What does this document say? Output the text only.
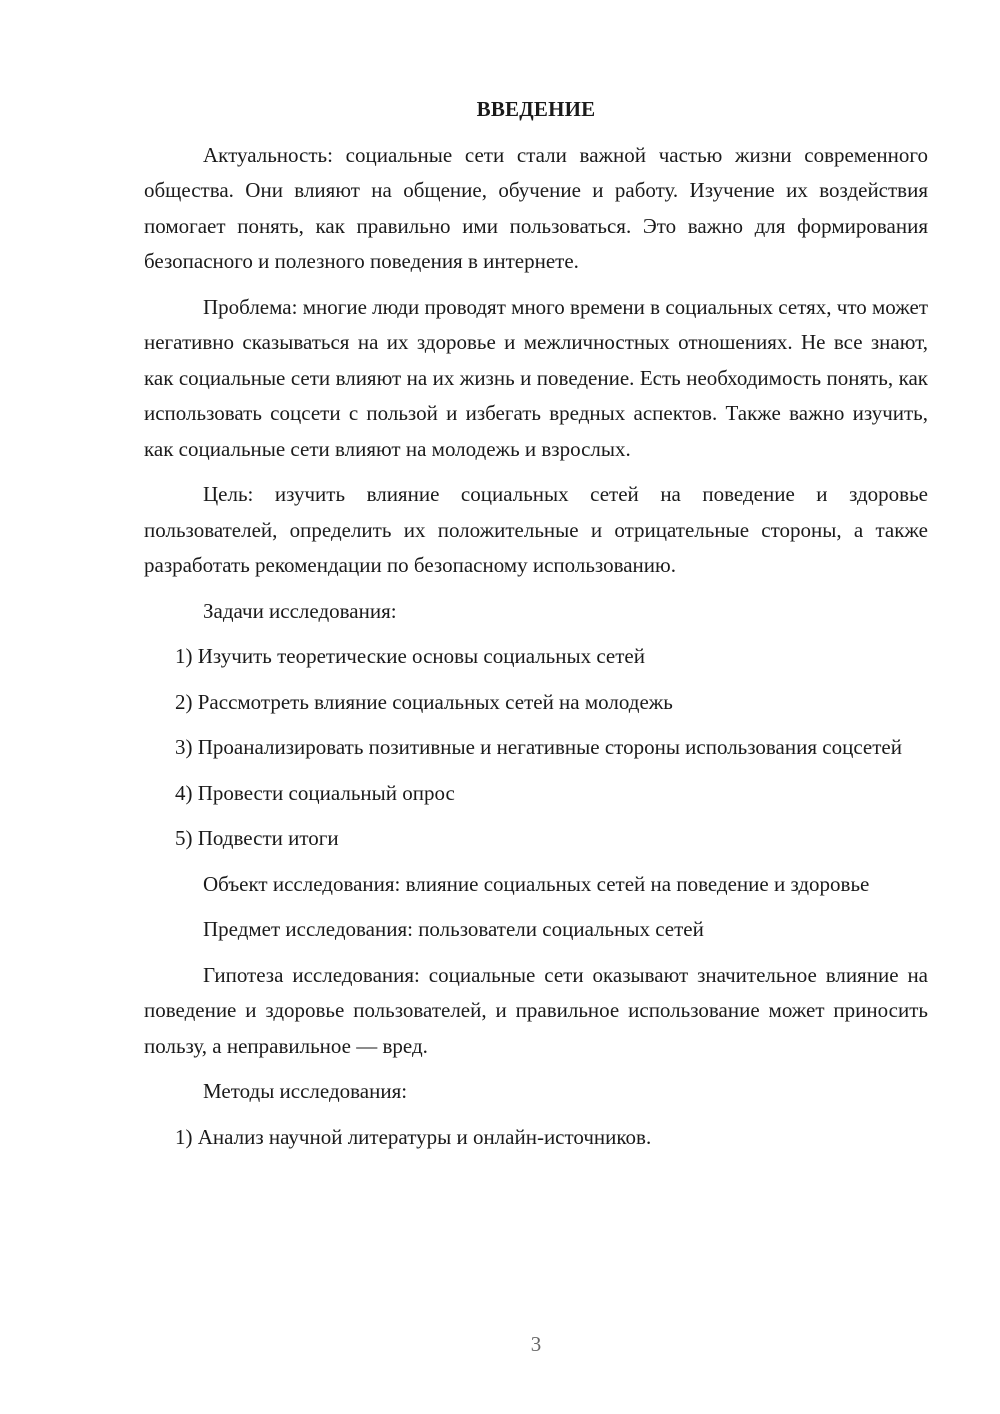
ВВЕДЕНИЕ
Актуальность: социальные сети стали важной частью жизни современного общества. Они влияют на общение, обучение и работу. Изучение их воздействия помогает понять, как правильно ими пользоваться. Это важно для формирования безопасного и полезного поведения в интернете.
Проблема: многие люди проводят много времени в социальных сетях, что может негативно сказываться на их здоровье и межличностных отношениях. Не все знают, как социальные сети влияют на их жизнь и поведение. Есть необходимость понять, как использовать соцсети с пользой и избегать вредных аспектов. Также важно изучить, как социальные сети влияют на молодежь и взрослых.
Цель: изучить влияние социальных сетей на поведение и здоровье пользователей, определить их положительные и отрицательные стороны, а также разработать рекомендации по безопасному использованию.
Задачи исследования:
1) Изучить теоретические основы социальных сетей
2) Рассмотреть влияние социальных сетей на молодежь
3) Проанализировать позитивные и негативные стороны использования соцсетей
4) Провести социальный опрос
5) Подвести итоги
Объект исследования: влияние социальных сетей на поведение и здоровье
Предмет исследования: пользователи социальных сетей
Гипотеза исследования: социальные сети оказывают значительное влияние на поведение и здоровье пользователей, и правильное использование может приносить пользу, а неправильное — вред.
Методы исследования:
1) Анализ научной литературы и онлайн-источников.
3
